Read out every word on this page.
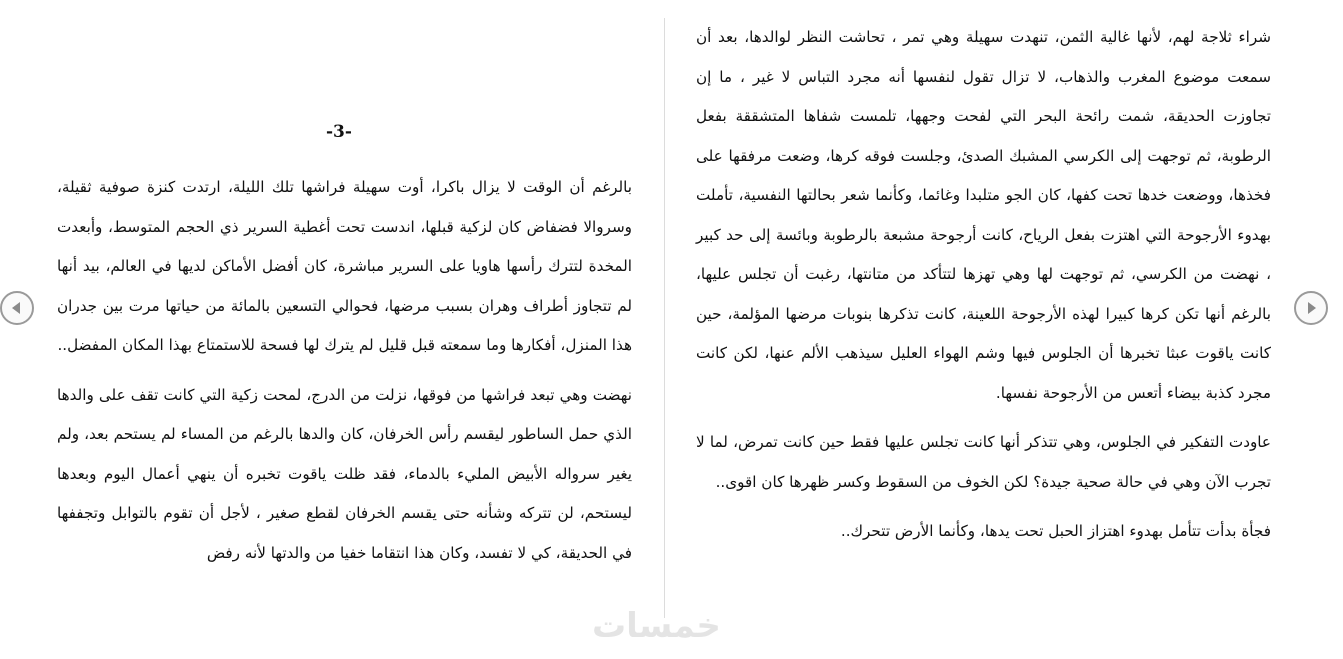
-3-

بالرغم أن الوقت لا يزال باكرا، أوت سهيلة فراشها تلك الليلة، ارتدت كنزة صوفية ثقيلة، وسروالا فضفاض كان لزكية قبلها، اندست تحت أغطية السرير ذي الحجم المتوسط، وأبعدت المخدة لتترك رأسها هاويا على السرير مباشرة، كان أفضل الأماكن لديها في العالم، بيد أنها لم تتجاوز أطراف وهران بسبب مرضها، فحوالي التسعين بالمائة من حياتها مرت بين جدران هذا المنزل، أفكارها وما سمعته قبل قليل لم يترك لها فسحة للاستمتاع بهذا المكان المفضل..

نهضت وهي تبعد فراشها من فوقها، نزلت من الدرج، لمحت زكية التي كانت تقف على والدها الذي حمل الساطور ليقسم رأس الخرفان، كان والدها بالرغم من المساء لم يستحم بعد، ولم يغير سرواله الأبيض المليء بالدماء، فقد ظلت ياقوت تخبره أن ينهي أعمال اليوم وبعدها ليستحم، لن تتركه وشأنه حتى يقسم الخرفان لقطع صغير ، لأجل أن تقوم بالتوابل وتجففها في الحديقة، كي لا تفسد، وكان هذا انتقاما خفيا من والدتها لأنه رفض

شراء ثلاجة لهم، لأنها غالية الثمن، تنهدت سهيلة وهي تمر ، تحاشت النظر لوالدها، بعد أن سمعت موضوع المغرب والذهاب، لا تزال تقول لنفسها أنه مجرد التباس لا غير ، ما إن تجاوزت الحديقة، شمت رائحة البحر التي لفحت وجهها، تلمست شفاها المتشققة بفعل الرطوبة، ثم توجهت إلى الكرسي المشبك الصدئ، وجلست فوقه كرها، وضعت مرفقها على فخذها، ووضعت خدها تحت كفها، كان الجو متلبدا وغائما، وكأنما شعر بحالتها النفسية، تأملت بهدوء الأرجوحة التي اهتزت بفعل الرياح، كانت أرجوحة مشبعة بالرطوبة وبائسة إلى حد كبير ، نهضت من الكرسي، ثم توجهت لها وهي تهزها لتتأكد من متانتها، رغبت أن تجلس عليها، بالرغم أنها تكن كرها كبيرا لهذه الأرجوحة اللعينة، كانت تذكرها بنوبات مرضها المؤلمة، حين كانت ياقوت عبثا تخبرها أن الجلوس فيها وشم الهواء العليل سيذهب الألم عنها، لكن كانت مجرد كذبة بيضاء أتعس من الأرجوحة نفسها.

عاودت التفكير في الجلوس، وهي تتذكر أنها كانت تجلس عليها فقط حين كانت تمرض، لما لا تجرب الآن وهي في حالة صحية جيدة؟ لكن الخوف من السقوط وكسر ظهرها كان اقوى..

فجأة بدأت تتأمل بهدوء اهتزاز الحبل تحت يدها، وكأنما الأرض تتحرك..

خمسات
